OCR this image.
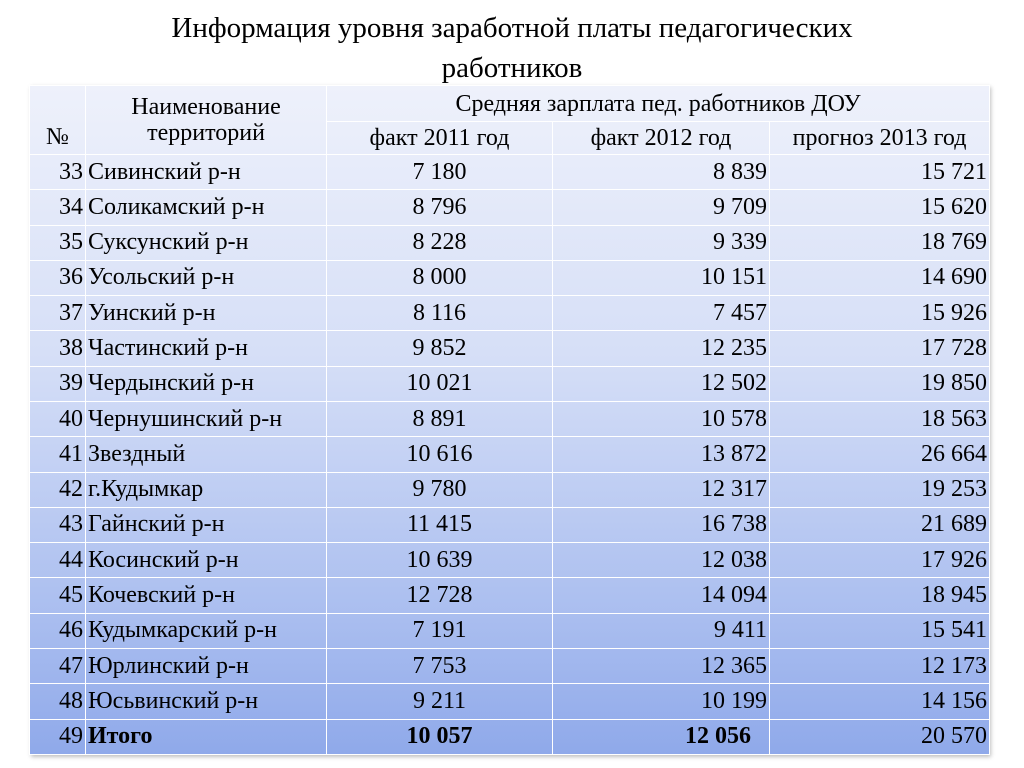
Информация уровня заработной платы педагогических
работников
№	Наименование территорий	Средняя зарплата пед. работников ДОУ		
		факт 2011 год	факт 2012 год	прогноз 2013 год
33	Сивинский р-н	7 180	8 839	15 721
34	Соликамский р-н	8 796	9 709	15 620
35	Суксунский р-н	8 228	9 339	18 769
36	Усольский р-н	8 000	10 151	14 690
37	Уинский р-н	8 116	7 457	15 926
38	Частинский р-н	9 852	12 235	17 728
39	Чердынский р-н	10 021	12 502	19 850
40	Чернушинский р-н	8 891	10 578	18 563
41	Звездный	10 616	13 872	26 664
42	г.Кудымкар	9 780	12 317	19 253
43	Гайнский р-н	11 415	16 738	21 689
44	Косинский р-н	10 639	12 038	17 926
45	Кочевский р-н	12 728	14 094	18 945
46	Кудымкарский р-н	7 191	9 411	15 541
47	Юрлинский р-н	7 753	12 365	12 173
48	Юсьвинский р-н	9 211	10 199	14 156
49	Итого	10 057	12 056	20 570
